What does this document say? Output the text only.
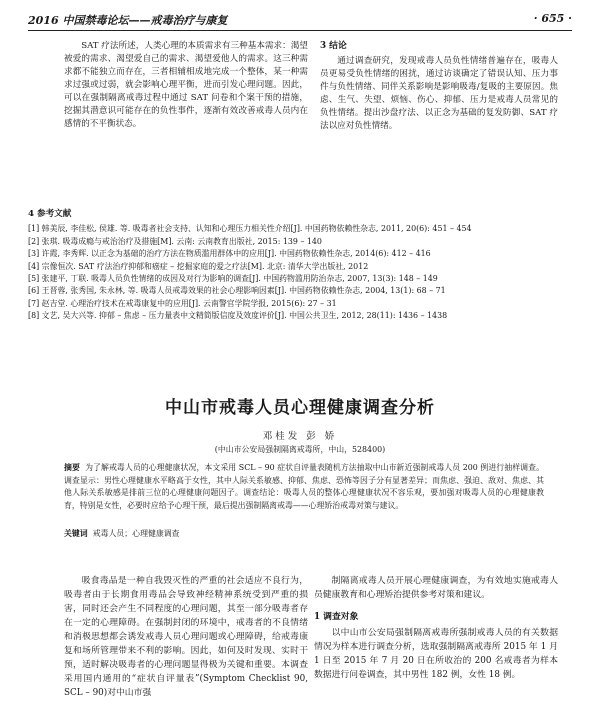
2016 中国禁毒论坛——戒毒治疗与康复	· 655 ·

SAT 疗法所述，人类心理的本质需求有三种基本需求：渴望被爱的需求、渴望爱自己的需求、渴望爱他人的需求。这三种需求都不能独立而存在，三者相辅相成地完成一个整体，某一种需求过强或过弱，就会影响心理平衡，进而引发心理问题。因此，可以在强制隔离戒毒过程中通过 SAT 问卷和个案干预的措施，挖掘其潜意识可能存在的负性事件，逐渐有效改善戒毒人员内在感情的不平衡状态。

3 结论

通过调查研究，发现戒毒人员负性情绪普遍存在，吸毒人员更易受负性情绪的困扰，通过访谈确定了错误认知、压力事件与负性情绪、同伴关系影响是影响吸毒/复吸的主要原因。焦虑、生气、失望、烦恼、伤心、抑郁、压力是戒毒人员常见的负性情绪。提出沙盘疗法、以正念为基础的复发防御、SAT 疗法以应对负性情绪。

4 参考文献

[1] 韩美辰, 李佳松, 侯雄. 等. 吸毒者社会支持、认知和心理压力相关性介绍[J]. 中国药物依赖性杂志, 2011, 20(6): 451 – 454

[2] 张琪. 吸毒成瘾与戒治治疗及措施[M]. 云南: 云南教育出版社, 2015: 139 – 140

[3] 许霞, 李秀辉. 以正念为基础的治疗方法在物质滥用群体中的应用[J]. 中国药物依赖性杂志, 2014(6): 412 – 416

[4] 宗像恒次. SAT 疗法治疗抑郁和癌症 – 挖掘家庭的爱之疗法[M]. 北京: 清华大学出版社, 2012

[5] 张建平, 丁联. 吸毒人员负性情绪的成因及对行为影响的调查[J]. 中国药物滥用防治杂志, 2007, 13(3): 148 – 149

[6] 王晋蓉, 张秀国, 朱永林, 等. 吸毒人员戒毒效果的社会心理影响因素[J]. 中国药物依赖性杂志, 2004, 13(1): 68 – 71

[7] 赵吉堂. 心理治疗技术在戒毒康复中的应用[J]. 云南警官学院学报, 2015(6): 27 – 31

[8] 文艺, 吴大兴等. 抑郁 – 焦虑 – 压力量表中文精简版信度及效度评价[J]. 中国公共卫生, 2012, 28(11): 1436 – 1438

中山市戒毒人员心理健康调查分析
邓桂发 彭 娇
(中山市公安局强制隔离戒毒所，中山，528400)
摘要 为了解戒毒人员的心理健康状况，本文采用 SCL – 90 症状自评量表随机方法抽取中山市新近强制戒毒人员 200 例进行抽样调查。调查显示：男性心理健康水平略高于女性，其中人际关系敏感、抑郁、焦虑、恐怖等因子分有显著差异；而焦虑、强迫、敌对、焦虑、其他人际关系敏感是排前三位的心理健康问题因子。调查结论：吸毒人员的整体心理健康状况不容乐观，要加强对吸毒人员的心理健康教育，特别是女性，必要时应给予心理干预，最后提出强制隔离戒毒——心理矫治戒毒对策与建议。
关键词 戒毒人员；心理健康调查

吸食毒品是一种自我毁灭性的严重的社会适应不良行为，吸毒者由于长期食用毒品会导致神经精神系统受到严重的损害，同时还会产生不同程度的心理问题，其至一部分吸毒者存在一定的心理障碍。在强制封闭的环境中，戒毒者的不良情绪和消极思想都会诱发戒毒人员心理问题或心理障碍，给戒毒康复和场所管理带来不利的影响。因此，如何及时发现、实时干预，适时解决吸毒者的心理问题显得极为关键和重要。本调查采用国内通用的“症状自评量表”(Symptom Checklist 90, SCL – 90)对中山市强

制隔离戒毒人员开展心理健康调查，为有效地实施戒毒人员健康教育和心理矫治提供参考对策和建议。

1 调查对象

以中山市公安局强制隔离戒毒所强制戒毒人员的有关数据情况为样本进行调查分析，选取强制隔离戒毒所 2015 年 1 月 1 日至 2015 年 7 月 20 日在所收治的 200 名戒毒者为样本数据进行问卷调查，其中男性 182 例，女性 18 例。
